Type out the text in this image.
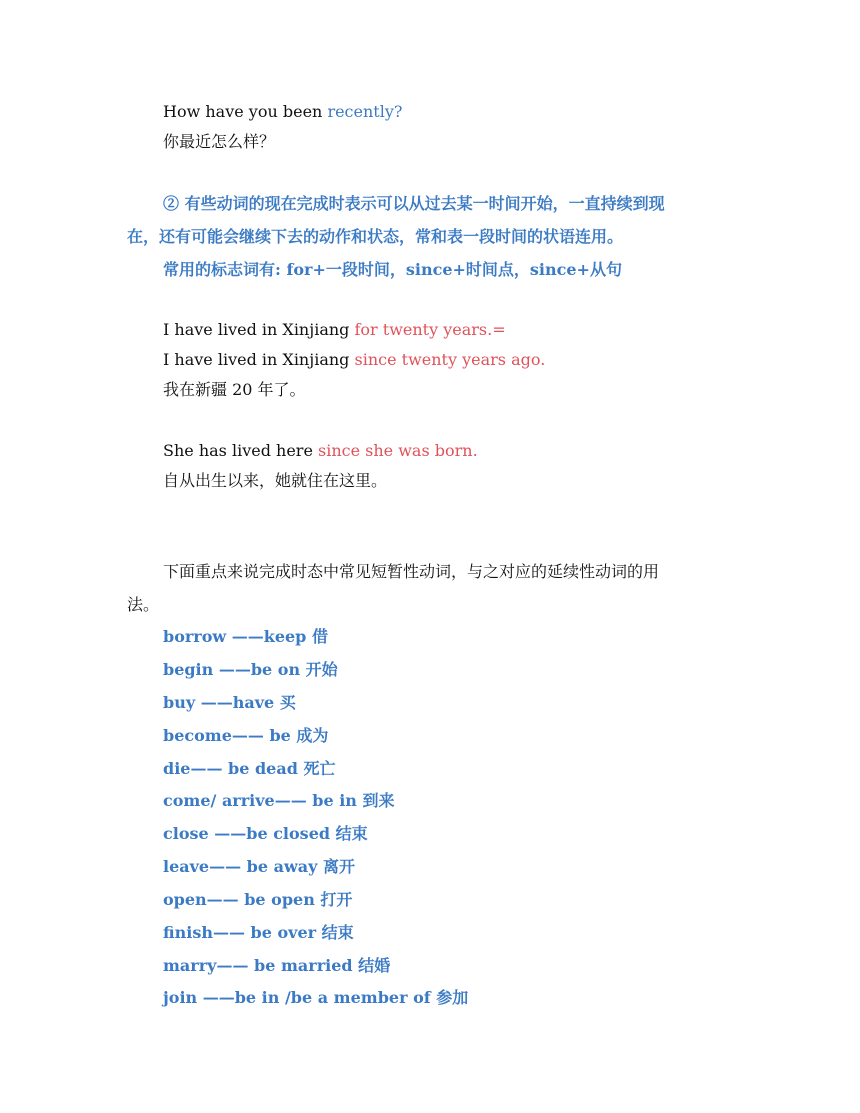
How have you been recently?
你最近怎么样？
② 有些动词的现在完成时表示可以从过去某一时间开始，一直持续到现
在，还有可能会继续下去的动作和状态，常和表一段时间的状语连用。
常用的标志词有: for+一段时间，since+时间点，since+从句
I have lived in Xinjiang for twenty years.=
I have lived in Xinjiang since twenty years ago.
我在新疆 20 年了。
She has lived here since she was born.
自从出生以来，她就住在这里。
下面重点来说完成时态中常见短暂性动词，与之对应的延续性动词的用
法。
borrow ——keep 借
begin ——be on 开始
buy ——have 买
become—— be 成为
die—— be dead 死亡
come/ arrive—— be in 到来
close ——be closed 结束
leave—— be away 离开
open—— be open 打开
finish—— be over 结束
marry—— be married 结婚
join ——be in /be a member of 参加
